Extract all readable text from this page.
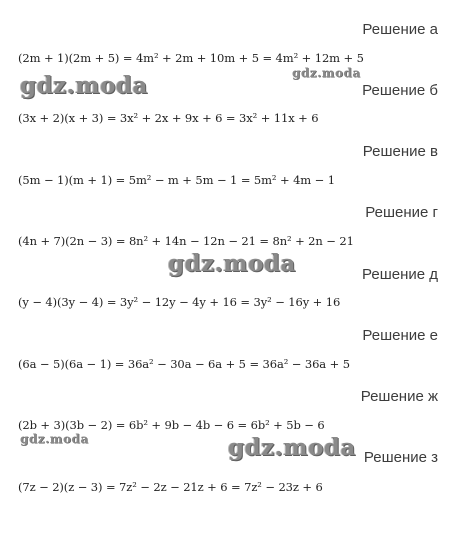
Решение а
(2m + 1)(2m + 5) = 4m² + 2m + 10m + 5 = 4m² + 12m + 5
Решение б
(3x + 2)(x + 3) = 3x² + 2x + 9x + 6 = 3x² + 11x + 6
Решение в
(5m − 1)(m + 1) = 5m² − m + 5m − 1 = 5m² + 4m − 1
Решение г
(4n + 7)(2n − 3) = 8n² + 14n − 12n − 21 = 8n² + 2n − 21
Решение д
(y − 4)(3y − 4) = 3y² − 12y − 4y + 16 = 3y² − 16y + 16
Решение е
(6a − 5)(6a − 1) = 36a² − 30a − 6a + 5 = 36a² − 36a + 5
Решение ж
(2b + 3)(3b − 2) = 6b² + 9b − 4b − 6 = 6b² + 5b − 6
Решение з
(7z − 2)(z − 3) = 7z² − 2z − 21z + 6 = 7z² − 23z + 6
gdz.moda	gdz.moda
gdz.moda
gdz.moda	gdz.moda
